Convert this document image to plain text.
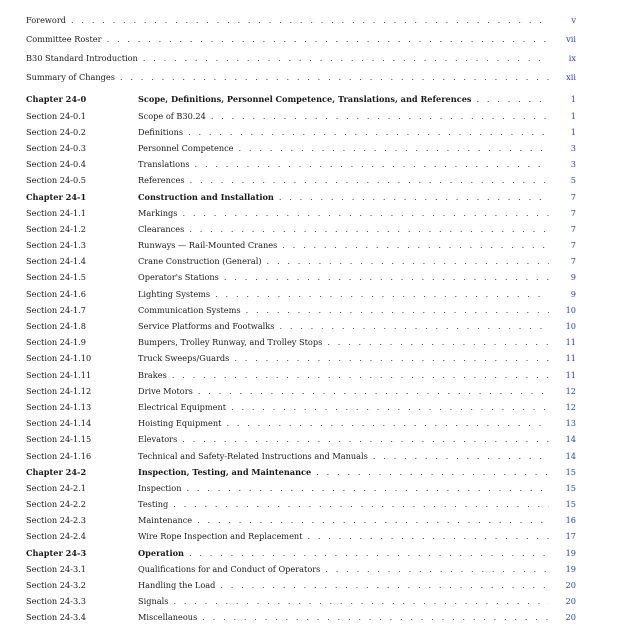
Foreword . . .	v
Committee Roster . . .	vii
B30 Standard Introduction . . .	ix
Summary of Changes . . .	xii
Chapter 24-0	Scope, Definitions, Personnel Competence, Translations, and References . . .	1
Section 24-0.1	Scope of B30.24 . . .	1
Section 24-0.2	Definitions . . .	1
Section 24-0.3	Personnel Competence . . .	3
Section 24-0.4	Translations . . .	3
Section 24-0.5	References . . .	5
Chapter 24-1	Construction and Installation . . .	7
Section 24-1.1	Markings . . .	7
Section 24-1.2	Clearances . . .	7
Section 24-1.3	Runways — Rail-Mounted Cranes . . .	7
Section 24-1.4	Crane Construction (General) . . .	7
Section 24-1.5	Operator's Stations . . .	9
Section 24-1.6	Lighting Systems . . .	9
Section 24-1.7	Communication Systems . . .	10
Section 24-1.8	Service Platforms and Footwalks . . .	10
Section 24-1.9	Bumpers, Trolley Runway, and Trolley Stops . . .	11
Section 24-1.10	Truck Sweeps/Guards . . .	11
Section 24-1.11	Brakes . . .	11
Section 24-1.12	Drive Motors . . .	12
Section 24-1.13	Electrical Equipment . . .	12
Section 24-1.14	Hoisting Equipment . . .	13
Section 24-1.15	Elevators . . .	14
Section 24-1.16	Technical and Safety-Related Instructions and Manuals . . .	14
Chapter 24-2	Inspection, Testing, and Maintenance . . .	15
Section 24-2.1	Inspection . . .	15
Section 24-2.2	Testing . . .	15
Section 24-2.3	Maintenance . . .	16
Section 24-2.4	Wire Rope Inspection and Replacement . . .	17
Chapter 24-3	Operation . . .	19
Section 24-3.1	Qualifications for and Conduct of Operators . . .	19
Section 24-3.2	Handling the Load . . .	20
Section 24-3.3	Signals . . .	20
Section 24-3.4	Miscellaneous . . .	20
